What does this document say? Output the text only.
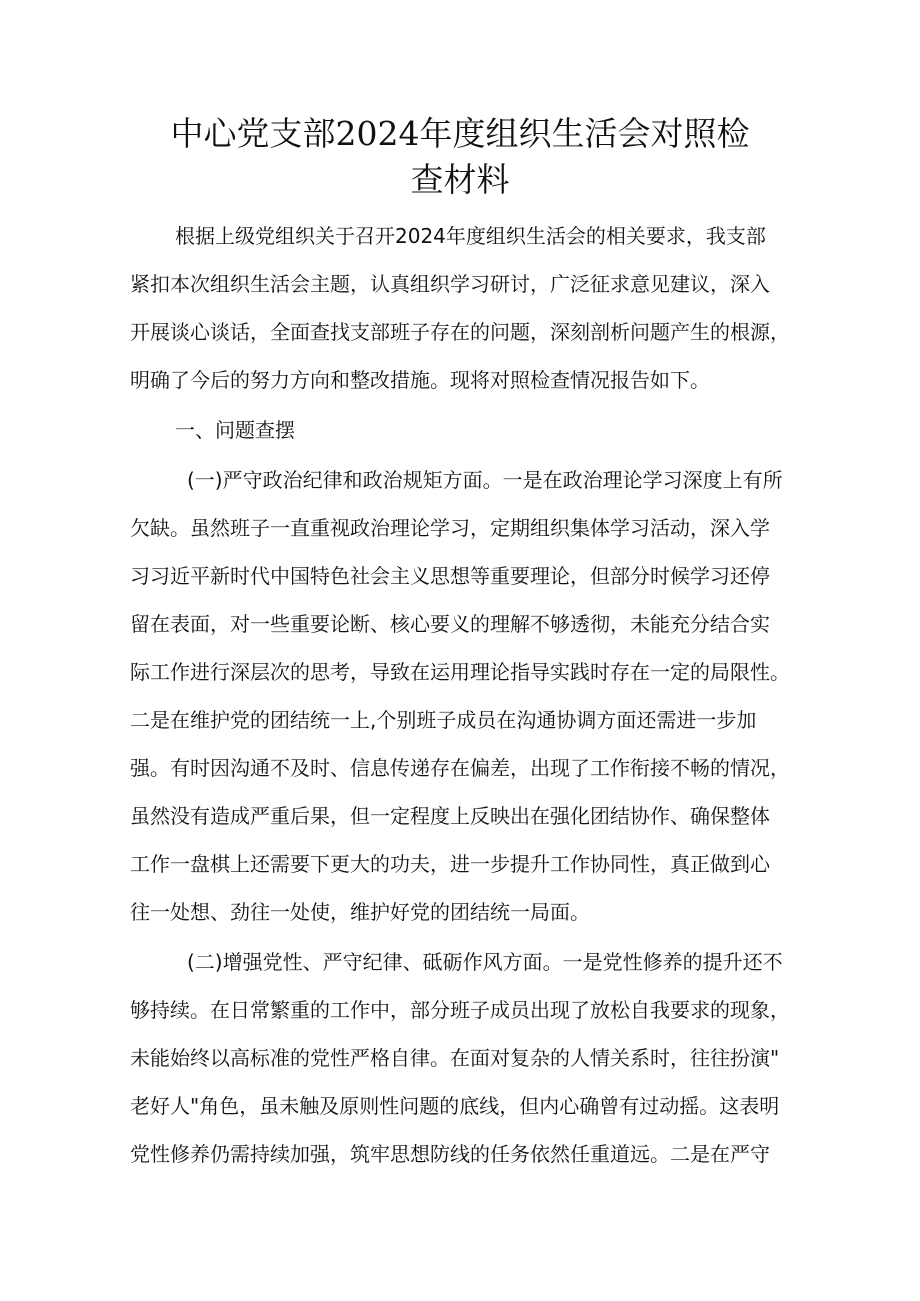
中心党支部2024年度组织生活会对照检
查材料
根据上级党组织关于召开2024年度组织生活会的相关要求，我支部
紧扣本次组织生活会主题，认真组织学习研讨，广泛征求意见建议，深入
开展谈心谈话，全面查找支部班子存在的问题，深刻剖析问题产生的根源，
明确了今后的努力方向和整改措施。现将对照检查情况报告如下。
一、问题查摆
(一)严守政治纪律和政治规矩方面。一是在政治理论学习深度上有所
欠缺。虽然班子一直重视政治理论学习，定期组织集体学习活动，深入学
习习近平新时代中国特色社会主义思想等重要理论，但部分时候学习还停
留在表面，对一些重要论断、核心要义的理解不够透彻，未能充分结合实
际工作进行深层次的思考，导致在运用理论指导实践时存在一定的局限性。
二是在维护党的团结统一上,个别班子成员在沟通协调方面还需进一步加
强。有时因沟通不及时、信息传递存在偏差，出现了工作衔接不畅的情况，
虽然没有造成严重后果，但一定程度上反映出在强化团结协作、确保整体
工作一盘棋上还需要下更大的功夫，进一步提升工作协同性，真正做到心
往一处想、劲往一处使，维护好党的团结统一局面。
(二)增强党性、严守纪律、砥砺作风方面。一是党性修养的提升还不
够持续。在日常繁重的工作中，部分班子成员出现了放松自我要求的现象，
未能始终以高标准的党性严格自律。在面对复杂的人情关系时，往往扮演"
老好人"角色，虽未触及原则性问题的底线，但内心确曾有过动摇。这表明
党性修养仍需持续加强，筑牢思想防线的任务依然任重道远。二是在严守
